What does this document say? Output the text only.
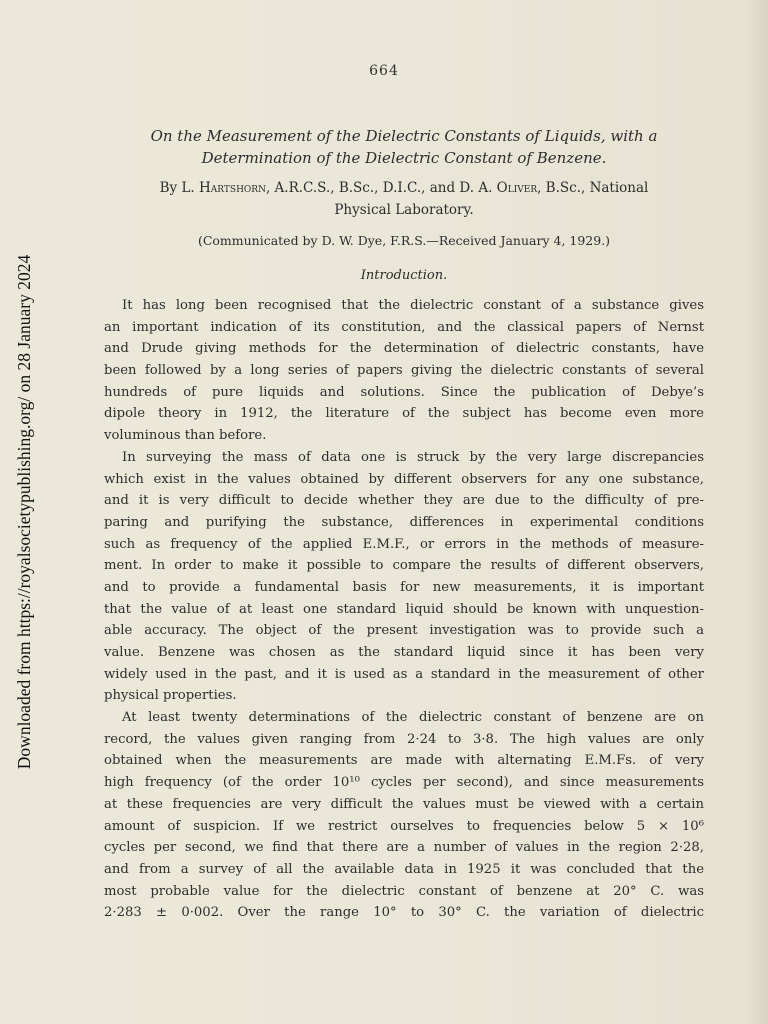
Downloaded from https://royalsocietypublishing.org/ on 28 January 2024
664
On the Measurement of the Dielectric Constants of Liquids, with a
Determination of the Dielectric Constant of Benzene.
By L. Hartshorn, A.R.C.S., B.Sc., D.I.C., and D. A. Oliver, B.Sc., National
Physical Laboratory.
(Communicated by D. W. Dye, F.R.S.—Received January 4, 1929.)
Introduction.
It has long been recognised that the dielectric constant of a substance gives
an important indication of its constitution, and the classical papers of Nernst
and Drude giving methods for the determination of dielectric constants, have
been followed by a long series of papers giving the dielectric constants of several
hundreds of pure liquids and solutions. Since the publication of Debye’s
dipole theory in 1912, the literature of the subject has become even more
voluminous than before.
In surveying the mass of data one is struck by the very large discrepancies
which exist in the values obtained by different observers for any one substance,
and it is very difficult to decide whether they are due to the difficulty of pre-
paring and purifying the substance, differences in experimental conditions
such as frequency of the applied E.M.F., or errors in the methods of measure-
ment. In order to make it possible to compare the results of different observers,
and to provide a fundamental basis for new measurements, it is important
that the value of at least one standard liquid should be known with unquestion-
able accuracy. The object of the present investigation was to provide such a
value. Benzene was chosen as the standard liquid since it has been very
widely used in the past, and it is used as a standard in the measurement of other
physical properties.
At least twenty determinations of the dielectric constant of benzene are on
record, the values given ranging from 2·24 to 3·8. The high values are only
obtained when the measurements are made with alternating E.M.Fs. of very
high frequency (of the order 10¹⁰ cycles per second), and since measurements
at these frequencies are very difficult the values must be viewed with a certain
amount of suspicion. If we restrict ourselves to frequencies below 5 × 10⁶
cycles per second, we find that there are a number of values in the region 2·28,
and from a survey of all the available data in 1925 it was concluded that the
most probable value for the dielectric constant of benzene at 20° C. was
2·283 ± 0·002. Over the range 10° to 30° C. the variation of dielectric
